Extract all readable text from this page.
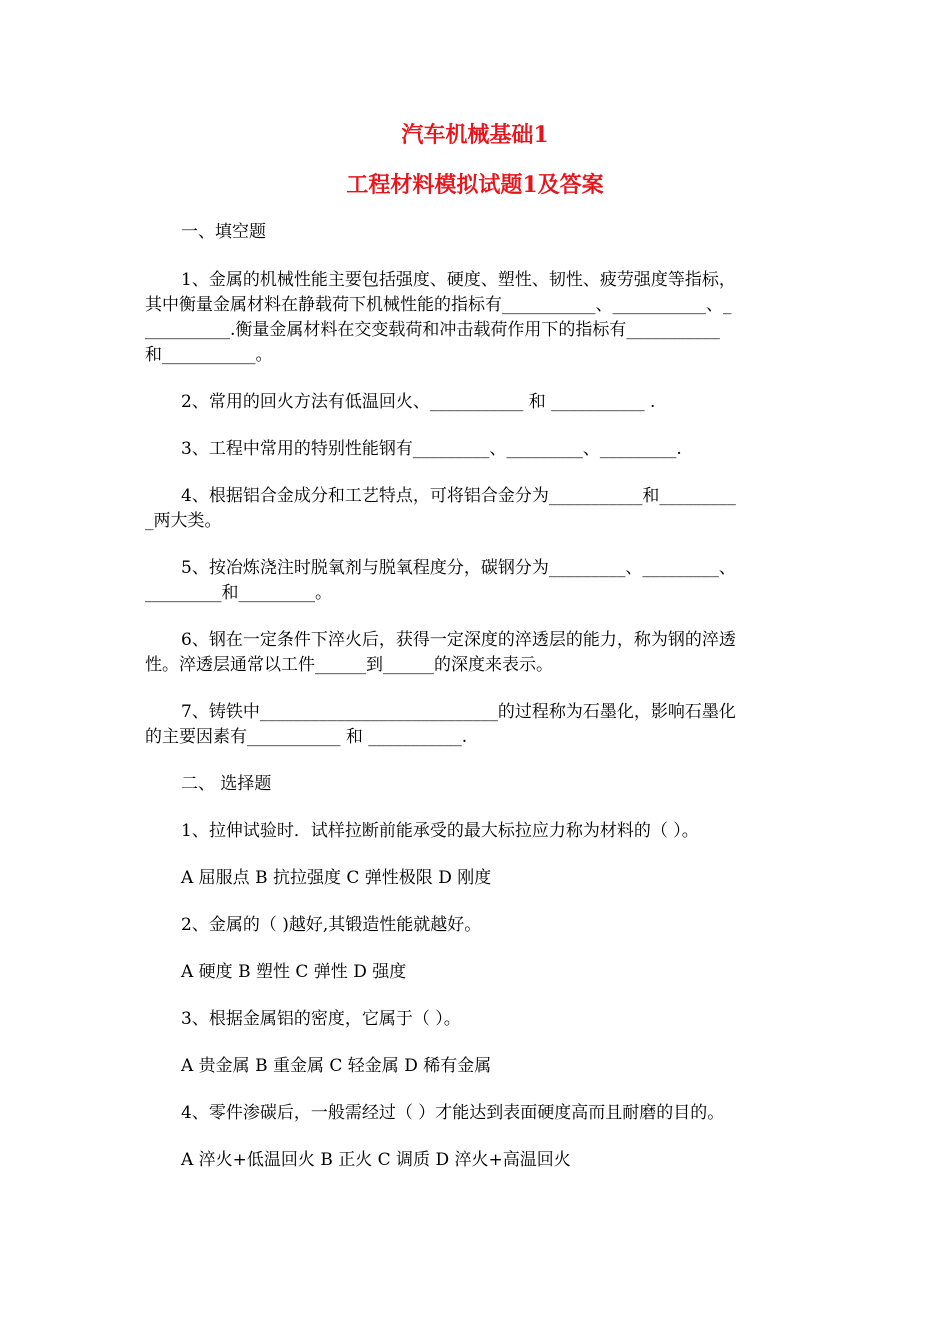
汽车机械基础1
工程材料模拟试题1及答案

一、填空题

1、金属的机械性能主要包括强度、硬度、塑性、韧性、疲劳强度等指标，

其中衡量金属材料在静载荷下机械性能的指标有___________、___________、_

__________.衡量金属材料在交变载荷和冲击载荷作用下的指标有___________

和___________。

2、常用的回火方法有低温回火、___________ 和 ___________ .

3、工程中常用的特别性能钢有_________、_________、_________.

4、根据铝合金成分和工艺特点，可将铝合金分为___________和_________

_两大类。

5、按冶炼浇注时脱氧剂与脱氧程度分，碳钢分为_________、_________、

_________和_________。

6、钢在一定条件下淬火后，获得一定深度的淬透层的能力，称为钢的淬透

性。淬透层通常以工件______到______的深度来表示。

7、铸铁中____________________________的过程称为石墨化，影响石墨化

的主要因素有___________ 和 ___________.

二、 选择题

1、拉伸试验时．试样拉断前能承受的最大标拉应力称为材料的（ ）。

A 屈服点 B 抗拉强度 C 弹性极限 D 刚度

2、金属的（ )越好,其锻造性能就越好。

A 硬度 B 塑性 C 弹性 D 强度

3、根据金属铝的密度，它属于（ ）。

A 贵金属 B 重金属 C 轻金属 D 稀有金属

4、零件渗碳后，一般需经过（ ）才能达到表面硬度高而且耐磨的目的。

A 淬火+低温回火 B 正火 C 调质 D 淬火+高温回火
